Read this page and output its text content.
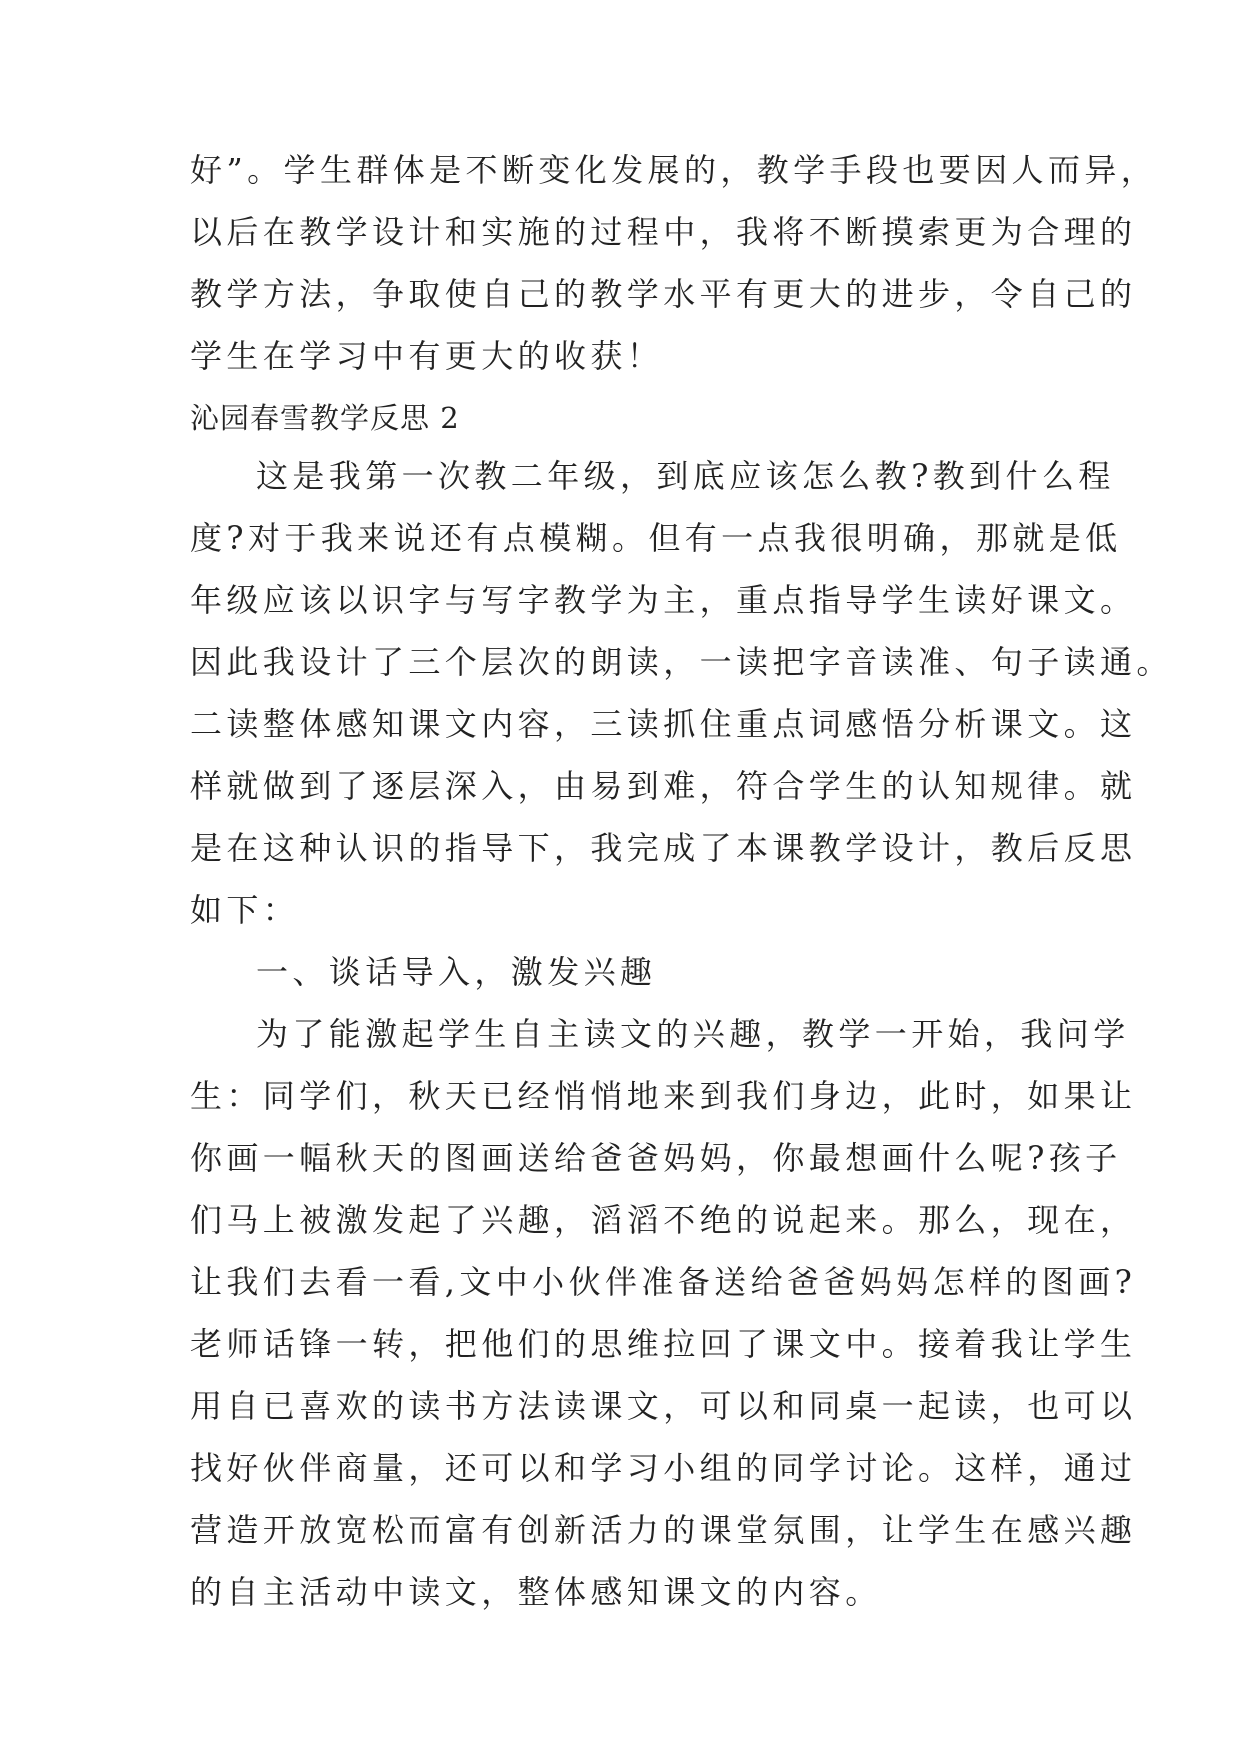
好”。学生群体是不断变化发展的，教学手段也要因人而异，
以后在教学设计和实施的过程中，我将不断摸索更为合理的
教学方法，争取使自己的教学水平有更大的进步，令自己的
学生在学习中有更大的收获！
沁园春雪教学反思 2
这是我第一次教二年级，到底应该怎么教?教到什么程
度?对于我来说还有点模糊。但有一点我很明确，那就是低
年级应该以识字与写字教学为主，重点指导学生读好课文。
因此我设计了三个层次的朗读，一读把字音读准、句子读通。
二读整体感知课文内容，三读抓住重点词感悟分析课文。这
样就做到了逐层深入，由易到难，符合学生的认知规律。就
是在这种认识的指导下，我完成了本课教学设计，教后反思
如下：
一、谈话导入，激发兴趣
为了能激起学生自主读文的兴趣，教学一开始，我问学
生：同学们，秋天已经悄悄地来到我们身边，此时，如果让
你画一幅秋天的图画送给爸爸妈妈，你最想画什么呢?孩子
们马上被激发起了兴趣，滔滔不绝的说起来。那么，现在，
让我们去看一看,文中小伙伴准备送给爸爸妈妈怎样的图画?
老师话锋一转，把他们的思维拉回了课文中。接着我让学生
用自已喜欢的读书方法读课文，可以和同桌一起读，也可以
找好伙伴商量，还可以和学习小组的同学讨论。这样，通过
营造开放宽松而富有创新活力的课堂氛围，让学生在感兴趣
的自主活动中读文，整体感知课文的内容。
